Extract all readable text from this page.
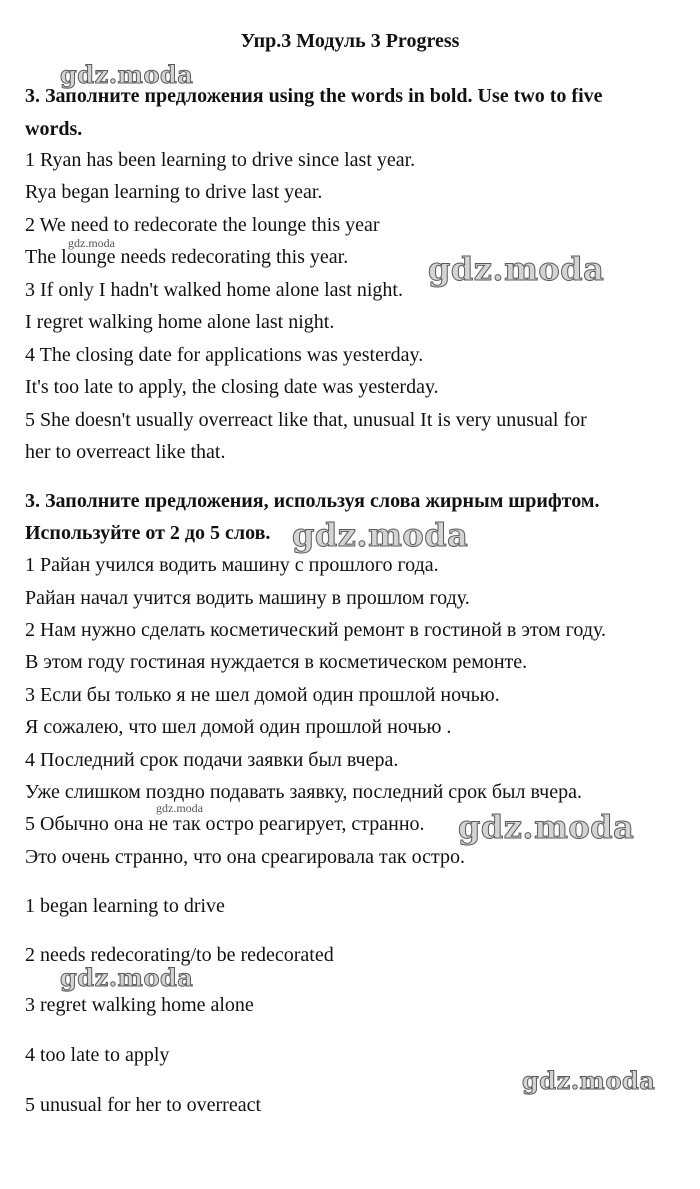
Упр.3 Модуль 3 Progress
3. Заполните предложения using the words in bold. Use two to five
words.
1 Ryan has been learning to drive since last year.
Rya began learning to drive last year.
2 We need to redecorate the lounge this year
The lounge needs redecorating this year.
3 If only I hadn't walked home alone last night.
I regret walking home alone last night.
4 The closing date for applications was yesterday.
It's too late to apply, the closing date was yesterday.
5 She doesn't usually overreact like that, unusual It is very unusual for
her to overreact like that.
3. Заполните предложения, используя слова жирным шрифтом.
Используйте от 2 до 5 слов.
1 Райан учился водить машину с прошлого года.
Райан начал учится водить машину в прошлом году.
2 Нам нужно сделать косметический ремонт в гостиной в этом году.
В этом году гостиная нуждается в косметическом ремонте.
3 Если бы только я не шел домой один прошлой ночью.
Я сожалею, что шел домой один прошлой ночью .
4 Последний срок подачи заявки был вчера.
Уже слишком поздно подавать заявку, последний срок был вчера.
5 Обычно она не так остро реагирует, странно.
Это очень странно, что она среагировала так остро.
1 began learning to drive
2 needs redecorating/to be redecorated
3 regret walking home alone
4 too late to apply
5 unusual for her to overreact
gdz.moda
gdz.moda
gdz.moda
gdz.moda
gdz.moda	gdz.moda
gdz.moda
gdz.moda
